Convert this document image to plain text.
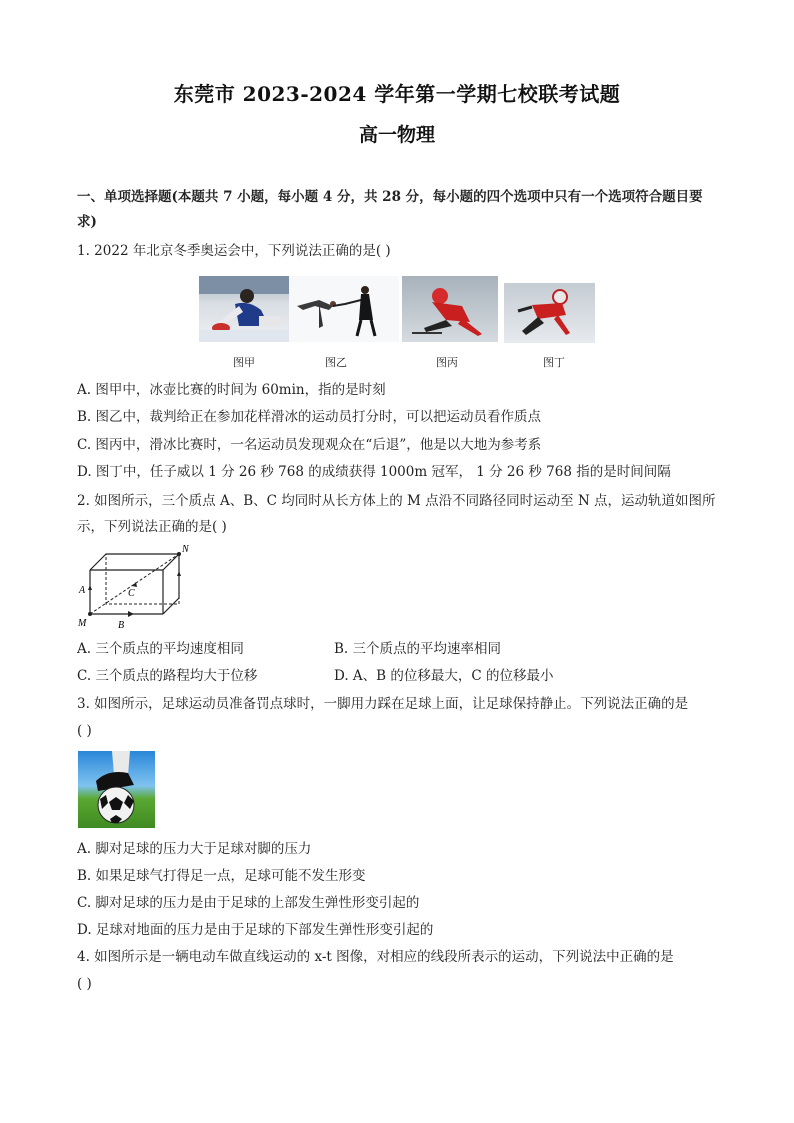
东莞市 2023-2024 学年第一学期七校联考试题
高一物理
一、单项选择题(本题共 7 小题，每小题 4 分，共 28 分，每小题的四个选项中只有一个选项符合题目要
求)
1. 2022 年北京冬季奥运会中，下列说法正确的是( )
图甲	图乙	图丙	图丁
A. 图甲中，冰壶比赛的时间为 60min，指的是时刻
B. 图乙中，裁判给正在参加花样滑冰的运动员打分时，可以把运动员看作质点
C. 图丙中，滑冰比赛时，一名运动员发现观众在“后退”，他是以大地为参考系
D. 图丁中，任子威以 1 分 26 秒 768 的成绩获得 1000m 冠军， 1 分 26 秒 768 指的是时间间隔
2. 如图所示，三个质点 A、B、C 均同时从长方体上的 M 点沿不同路径同时运动至 N 点，运动轨道如图所
示，下列说法正确的是( )
N
A	C
M	B
A. 三个质点的平均速度相同	B. 三个质点的平均速率相同
C. 三个质点的路程均大于位移	D. A、B 的位移最大，C 的位移最小
3. 如图所示，足球运动员准备罚点球时，一脚用力踩在足球上面，让足球保持静止。下列说法正确的是
( )
A. 脚对足球的压力大于足球对脚的压力
B. 如果足球气打得足一点，足球可能不发生形变
C. 脚对足球的压力是由于足球的上部发生弹性形变引起的
D. 足球对地面的压力是由于足球的下部发生弹性形变引起的
4. 如图所示是一辆电动车做直线运动的 x-t 图像，对相应的线段所表示的运动，下列说法中正确的是
( )
